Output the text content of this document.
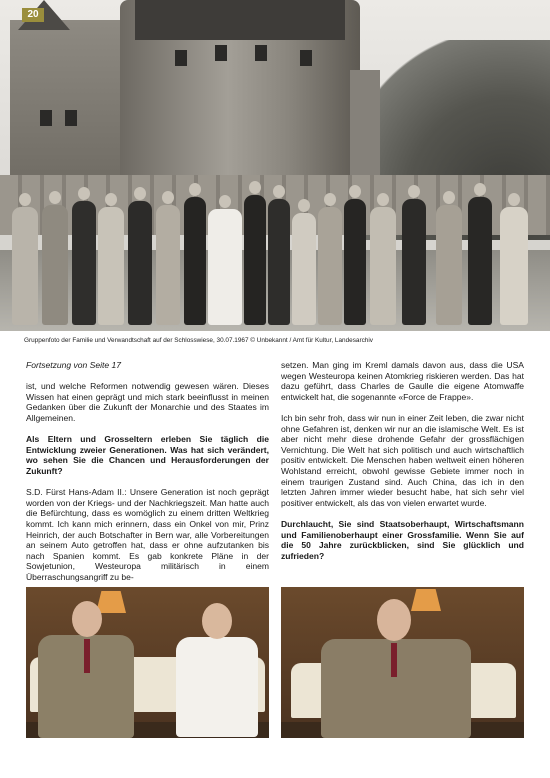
20
Gruppenfoto der Familie und Verwandtschaft auf der Schlosswiese, 30.07.1967 © Unbekannt / Amt für Kultur, Landesarchiv

Fortsetzung von Seite 17

ist, und welche Reformen notwendig gewesen wären. Dieses Wissen hat einen geprägt und mich stark beeinflusst in meinen Gedanken über die Zukunft der Monarchie und des Staates im Allgemeinen.

Als Eltern und Grosseltern erleben Sie täglich die Entwicklung zweier Generationen. Was hat sich verändert, wo sehen Sie die Chancen und Herausforderungen der Zukunft?

S.D. Fürst Hans-Adam II.: Unsere Generation ist noch geprägt worden von der Kriegs- und der Nachkriegszeit. Man hatte auch die Befürchtung, dass es womöglich zu einem dritten Weltkrieg kommt. Ich kann mich erinnern, dass ein Onkel von mir, Prinz Heinrich, der auch Botschafter in Bern war, alle Vorbereitungen an seinem Auto getroffen hat, dass er ohne aufzutanken bis nach Spanien kommt. Es gab konkrete Pläne in der Sowjetunion, Westeuropa militärisch in einem Überraschungsangriff zu be-

setzen. Man ging im Kreml damals davon aus, dass die USA wegen Westeuropa keinen Atomkrieg riskieren werden. Das hat dazu geführt, dass Charles de Gaulle die eigene Atomwaffe entwickelt hat, die sogenannte «Force de Frappe».

Ich bin sehr froh, dass wir nun in einer Zeit leben, die zwar nicht ohne Gefahren ist, denken wir nur an die islamische Welt. Es ist aber nicht mehr diese drohende Gefahr der grossflächigen Vernichtung. Die Welt hat sich politisch und auch wirtschaftlich positiv entwickelt. Die Menschen haben weltweit einen höheren Wohlstand erreicht, obwohl gewisse Gebiete immer noch in einem traurigen Zustand sind. Auch China, das ich in den letzten Jahren immer wieder besucht habe, hat sich sehr viel positiver entwickelt, als das von vielen erwartet wurde.

Durchlaucht, Sie sind Staatsoberhaupt, Wirtschaftsmann und Familienoberhaupt einer Grossfamilie. Wenn Sie auf die 50 Jahre zurückblicken, sind Sie glücklich und zufrieden?
